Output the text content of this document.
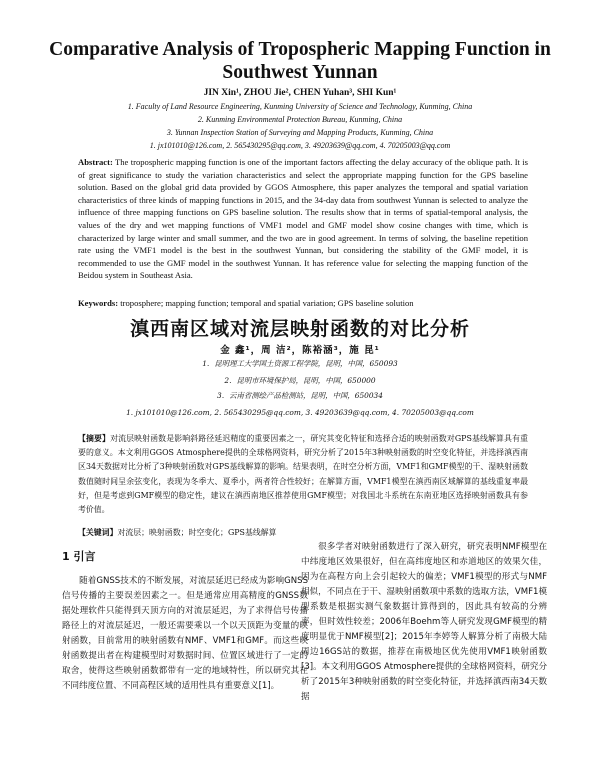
Comparative Analysis of Tropospheric Mapping Function in Southwest Yunnan
JIN Xin¹, ZHOU Jie², CHEN Yuhan³, SHI Kun¹
1. Faculty of Land Resource Engineering, Kunming University of Science and Technology, Kunming, China
2. Kunming Environmental Protection Bureau, Kunming, China
3. Yunnan Inspection Station of Surveying and Mapping Products, Kunming, China
1. jx101010@126.com, 2. 565430295@qq.com, 3. 49203639@qq.com, 4. 70205003@qq.com
Abstract: The tropospheric mapping function is one of the important factors affecting the delay accuracy of the oblique path. It is of great significance to study the variation characteristics and select the appropriate mapping function for the GPS baseline solution. Based on the global grid data provided by GGOS Atmosphere, this paper analyzes the temporal and spatial variation characteristics of three kinds of mapping functions in 2015, and the 34-day data from southwest Yunnan is selected to analyze the influence of three mapping functions on GPS baseline solution. The results show that in terms of spatial-temporal analysis, the values of the dry and wet mapping functions of VMF1 model and GMF model show cosine changes with time, which is characterized by large winter and small summer, and the two are in good agreement. In terms of solving, the baseline repetition rate using the VMF1 model is the best in the southwest Yunnan, but considering the stability of the GMF model, it is recommended to use the GMF model in the southwest Yunnan. It has reference value for selecting the mapping function of the Beidou system in Southeast Asia.
Keywords: troposphere; mapping function; temporal and spatial variation; GPS baseline solution
滇西南区域对流层映射函数的对比分析
金 鑫¹，周 洁²，陈裕涵³，施 昆¹
1．昆明理工大学国土资源工程学院，昆明，中国，650093
2．昆明市环境保护局，昆明，中国，650000
3．云南省测绘产品检测站，昆明，中国，650034
1. jx101010@126.com, 2. 565430295@qq.com, 3. 49203639@qq.com, 4. 70205003@qq.com
【摘要】对流层映射函数是影响斜路径延迟精度的重要因素之一，研究其变化特征和选择合适的映射函数对GPS基线解算具有重要的意义。本文利用GGOS Atmosphere提供的全球格网资料，研究分析了2015年3种映射函数的时空变化特征，并选择滇西南区34天数据对比分析了3种映射函数对GPS基线解算的影响。结果表明，在时空分析方面，VMF1和GMF模型的干、湿映射函数数值随时间呈余弦变化，表现为冬季大、夏季小，两者符合性较好；在解算方面，VMF1模型在滇西南区域解算的基线重复率最好，但是考虑到GMF模型的稳定性，建议在滇西南地区推荐使用GMF模型；对我国北斗系统在东南亚地区选择映射函数具有参考价值。
【关键词】对流层；映射函数；时空变化；GPS基线解算
1 引言

随着GNSS技术的不断发展，对流层延迟已经成为影响GNSS信号传播的主要误差因素之一。但是通常应用高精度的GNSS数据处理软件只能得到天顶方向的对流层延迟，为了求得信号传播路径上的对流层延迟，一般还需要乘以一个以天顶距为变量的映射函数，目前常用的映射函数有NMF、VMF1和GMF。而这些映射函数提出者在构建模型时对数据时间、位置区域进行了一定的取舍，使得这些映射函数都带有一定的地域特性，所以研究其在不同纬度位置、不同高程区域的适用性具有重要意义[1]。

很多学者对映射函数进行了深入研究，研究表明NMF模型在中纬度地区效果很好，但在高纬度地区和赤道地区的效果欠佳，因为在高程方向上会引起较大的偏差；VMF1模型的形式与NMF相似，不同点在于干、湿映射函数项中系数的选取方法，VMF1模型系数是根据实测气象数据计算得到的，因此具有较高的分辨率，但时效性较差；2006年Boehm等人研究发现GMF模型的精度明显优于NMF模型[2]；2015年李婷等人解算分析了南极大陆周边16GS站的数据，推荐在南极地区优先使用VMF1映射函数[3]。本文利用GGOS Atmosphere提供的全球格网资料，研究分析了2015年3种映射函数的时空变化特征，并选择滇西南34天数据
